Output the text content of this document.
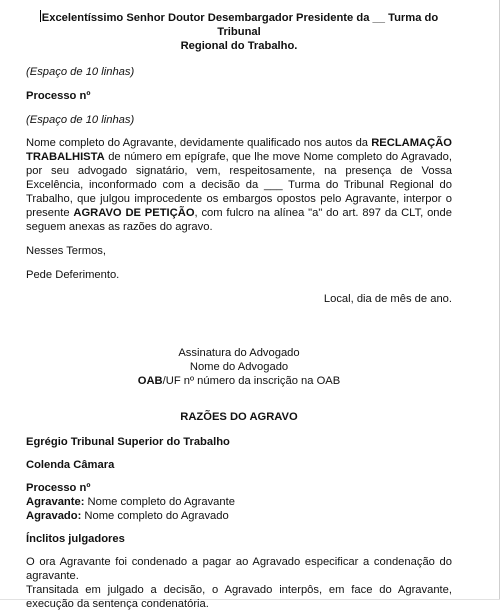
Excelentíssimo Senhor Doutor Desembargador Presidente da __ Turma do Tribunal
Regional do Trabalho.
(Espaço de 10 linhas)
Processo nº
(Espaço de 10 linhas)
Nome completo do Agravante, devidamente qualificado nos autos da RECLAMAÇÃO TRABALHISTA de número em epígrafe, que lhe move Nome completo do Agravado, por seu advogado signatário, vem, respeitosamente, na presença de Vossa Excelência, inconformado com a decisão da ___ Turma do Tribunal Regional do Trabalho, que julgou improcedente os embargos opostos pelo Agravante, interpor o presente AGRAVO DE PETIÇÃO, com fulcro na alínea "a" do art. 897 da CLT, onde seguem anexas as razões do agravo.
Nesses Termos,
Pede Deferimento.
Local, dia de mês de ano.
Assinatura do Advogado
Nome do Advogado
OAB/UF nº número da inscrição na OAB
RAZÕES DO AGRAVO
Egrégio Tribunal Superior do Trabalho
Colenda Câmara
Processo nº
Agravante: Nome completo do Agravante
Agravado: Nome completo do Agravado
Ínclitos julgadores
O ora Agravante foi condenado a pagar ao Agravado especificar a condenação do agravante.
Transitada em julgado a decisão, o Agravado interpôs, em face do Agravante, execução da sentença condenatória.
